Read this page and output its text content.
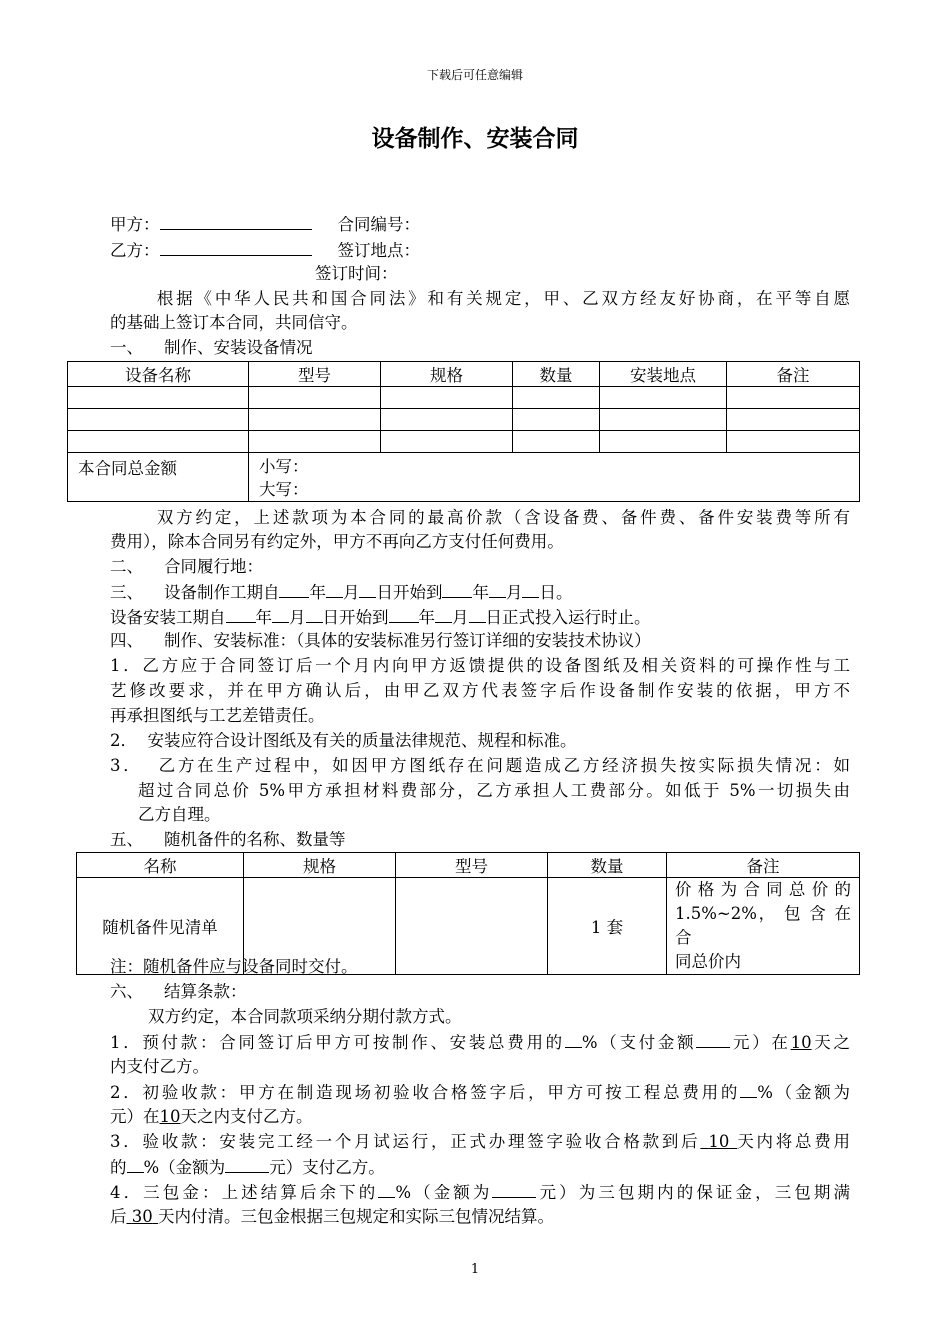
下载后可任意编辑
设备制作、安装合同
甲方：	合同编号：
乙方：	签订地点：
签订时间：
根据《中华人民共和国合同法》和有关规定，甲、乙双方经友好协商，在平等自愿
的基础上签订本合同，共同信守。
一、    制作、安装设备情况
设备名称	型号	规格	数量	安装地点	备注

本合同总金额	小写：
大写：				
双方约定，上述款项为本合同的最高价款（含设备费、备件费、备件安装费等所有
费用），除本合同另有约定外，甲方不再向乙方支付任何费用。
二、    合同履行地：
三、    设备制作工期自 年 月 日开始到 年 月 日。
设备安装工期自 年 月 日开始到 年 月 日正式投入运行时止。
四、    制作、安装标准：（具体的安装标准另行签订详细的安装技术协议）
1．乙方应于合同签订后一个月内向甲方返馈提供的设备图纸及相关资料的可操作性与工
艺修改要求，并在甲方确认后，由甲乙双方代表签字后作设备制作安装的依据，甲方不
再承担图纸与工艺差错责任。
2．  安装应符合设计图纸及有关的质量法律规范、规程和标准。
3．  乙方在生产过程中，如因甲方图纸存在问题造成乙方经济损失按实际损失情况：如
超过合同总价 5%甲方承担材料费部分，乙方承担人工费部分。如低于 5%一切损失由
乙方自理。
五、    随机备件的名称、数量等
名称	规格	型号	数量	备注
随机备件见清单			1 套	价 格 为 合 同 总 价 的
1.5%~2%， 包 含 在 合
同总价内
注：随机备件应与设备同时交付。
六、    结算条款：
双方约定，本合同款项采纳分期付款方式。
1．预付款：合同签订后甲方可按制作、安装总费用的 %（支付金额 元）在10天之
内支付乙方。
2．初验收款：甲方在制造现场初验收合格签字后，甲方可按工程总费用的 %（金额为
元）在10天之内支付乙方。
3．验收款：安装完工经一个月试运行，正式办理签字验收合格款到后 10 天内将总费用
的 %（金额为	元）支付乙方。
4．三包金：上述结算后余下的 %（金额为	元）为三包期内的保证金，三包期满
后 30 天内付清。三包金根据三包规定和实际三包情况结算。
1
